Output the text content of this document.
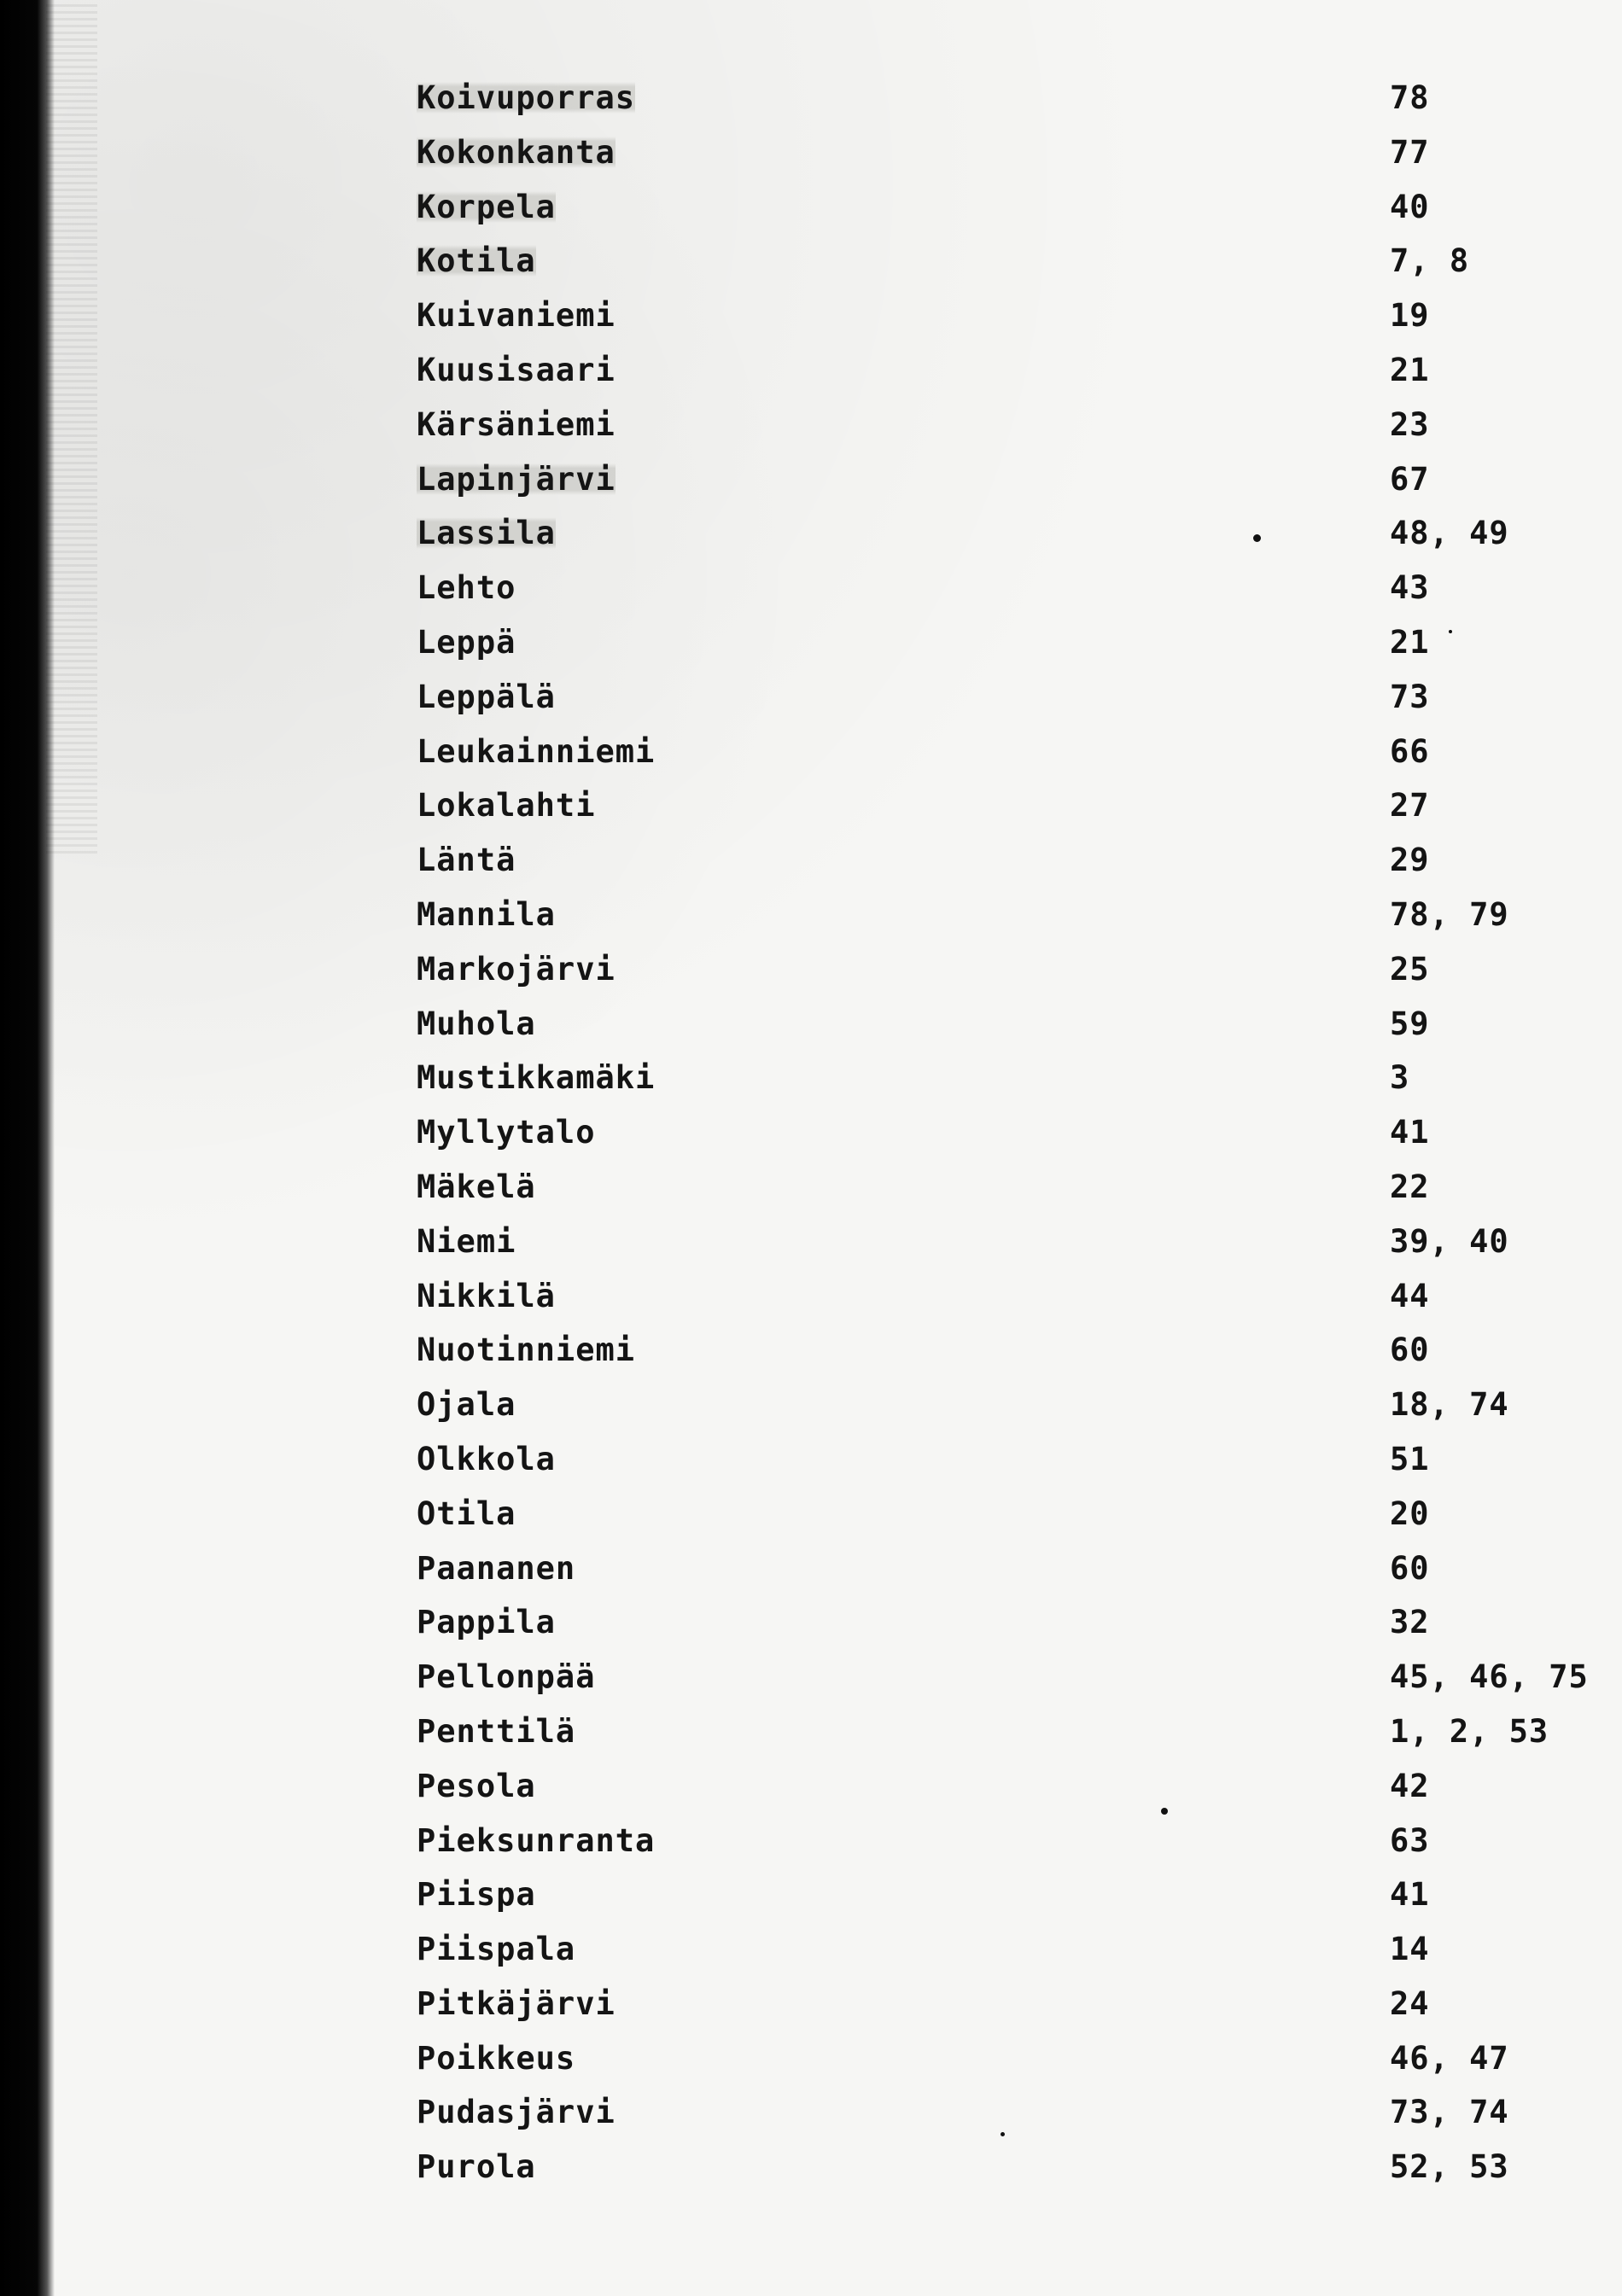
Koivuporras	78
Kokonkanta	77
Korpela	40
Kotila	7, 8
Kuivaniemi	19
Kuusisaari	21
Kärsäniemi	23
Lapinjärvi	67
Lassila	48, 49
Lehto	43
Leppä	21
Leppälä	73
Leukainniemi	66
Lokalahti	27
Läntä	29
Mannila	78, 79
Markojärvi	25
Muhola	59
Mustikkamäki	3
Myllytalo	41
Mäkelä	22
Niemi	39, 40
Nikkilä	44
Nuotinniemi	60
Ojala	18, 74
Olkkola	51
Otila	20
Paananen	60
Pappila	32
Pellonpää	45, 46, 75
Penttilä	1, 2, 53
Pesola	42
Pieksunranta	63
Piispa	41
Piispala	14
Pitkäjärvi	24
Poikkeus	46, 47
Pudasjärvi	73, 74
Purola	52, 53
